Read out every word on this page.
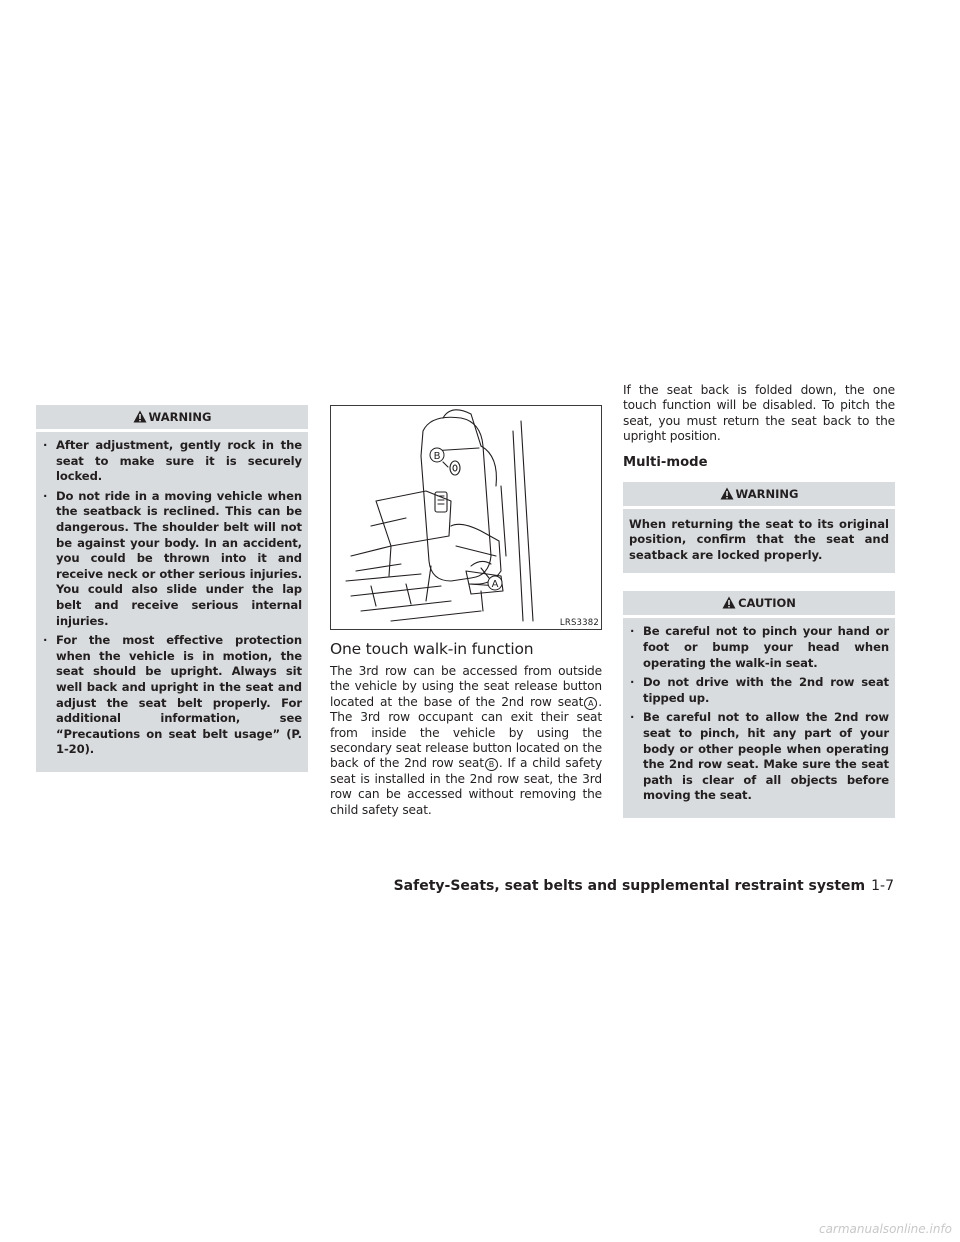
WARNING
· After adjustment, gently rock in the seat to make sure it is securely locked.
· Do not ride in a moving vehicle when the seatback is reclined. This can be dangerous. The shoulder belt will not be against your body. In an accident, you could be thrown into it and receive neck or other serious injuries. You could also slide under the lap belt and receive serious internal injuries.
· For the most effective protection when the vehicle is in motion, the seat should be upright. Always sit well back and upright in the seat and adjust the seat belt properly. For additional information, see “Precautions on seat belt usage” (P. 1-20).
B
A
LRS3382
One touch walk-in function

The 3rd row can be accessed from outside the vehicle by using the seat release button located at the base of the 2nd row seat A . The 3rd row occupant can exit their seat from inside the vehicle by using the secondary seat release button located on the back of the 2nd row seat B . If a child safety seat is installed in the 2nd row seat, the 3rd row can be accessed without removing the child safety seat.

If the seat back is folded down, the one touch function will be disabled. To pitch the seat, you must return the seat back to the upright position.

Multi-mode
WARNING

When returning the seat to its original position, confirm that the seat and seatback are locked properly.

CAUTION
· Be careful not to pinch your hand or foot or bump your head when operating the walk-in seat.
· Do not drive with the 2nd row seat tipped up.
· Be careful not to allow the 2nd row seat to pinch, hit any part of your body or other people when operating the 2nd row seat. Make sure the seat path is clear of all objects before moving the seat.
Safety-Seats, seat belts and supplemental restraint system 1-7
carmanualsonline.info
